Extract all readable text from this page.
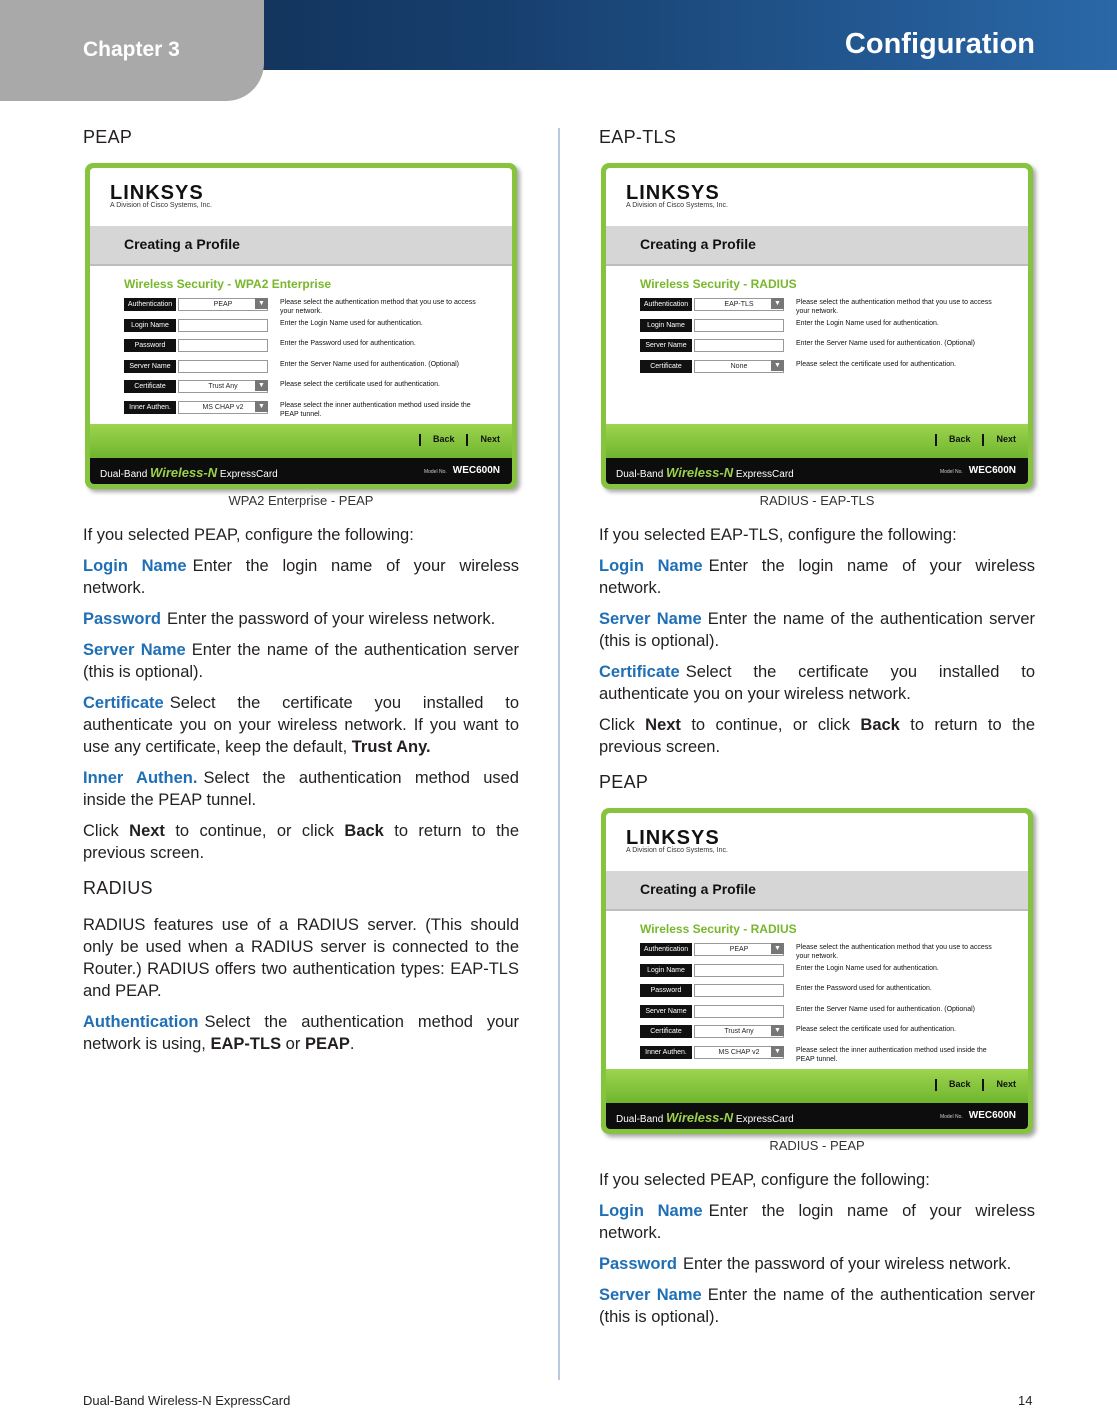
Chapter 3	Configuration
PEAP
LINKSYS
A Division of Cisco Systems, Inc.
Creating a Profile
Wireless Security - WPA2 Enterprise
Authentication	PEAP	▼	Please select the authentication method that you use to access your network.
Login Name	Enter the Login Name used for authentication.
Password	Enter the Password used for authentication.
Server Name	Enter the Server Name used for authentication. (Optional)
Certificate	Trust Any	▼	Please select the certificate used for authentication.
Inner Authen.	MS CHAP v2	▼	Please select the inner authentication method used inside the PEAP tunnel.
Back	Next
Dual-Band Wireless-N ExpressCard	Model No. WEC600N
WPA2 Enterprise - PEAP

If you selected PEAP, configure the following:

Login Name Enter the login name of your wireless network.

Password Enter the password of your wireless network.

Server Name Enter the name of the authentication server (this is optional).

Certificate Select the certificate you installed to authenticate you on your wireless network. If you want to use any certificate, keep the default, Trust Any.

Inner Authen. Select the authentication method used inside the PEAP tunnel.

Click Next to continue, or click Back to return to the previous screen.

RADIUS

RADIUS features use of a RADIUS server. (This should only be used when a RADIUS server is connected to the Router.) RADIUS offers two authentication types: EAP-TLS and PEAP.

Authentication Select the authentication method your network is using, EAP-TLS or PEAP.

EAP-TLS
LINKSYS
A Division of Cisco Systems, Inc.
Creating a Profile
Wireless Security - RADIUS
Authentication	EAP-TLS	▼	Please select the authentication method that you use to access your network.
Login Name	Enter the Login Name used for authentication.
Server Name	Enter the Server Name used for authentication. (Optional)
Certificate	None	▼	Please select the certificate used for authentication.
Back	Next
Dual-Band Wireless-N ExpressCard	Model No. WEC600N
RADIUS - EAP-TLS

If you selected EAP-TLS, configure the following:

Login Name Enter the login name of your wireless network.

Server Name Enter the name of the authentication server (this is optional).

Certificate Select the certificate you installed to authenticate you on your wireless network.

Click Next to continue, or click Back to return to the previous screen.

PEAP
LINKSYS
A Division of Cisco Systems, Inc.
Creating a Profile
Wireless Security - RADIUS
Authentication	PEAP	▼	Please select the authentication method that you use to access your network.
Login Name	Enter the Login Name used for authentication.
Password	Enter the Password used for authentication.
Server Name	Enter the Server Name used for authentication. (Optional)
Certificate	Trust Any	▼	Please select the certificate used for authentication.
Inner Authen.	MS CHAP v2	▼	Please select the inner authentication method used inside the PEAP tunnel.
Back	Next
Dual-Band Wireless-N ExpressCard	Model No. WEC600N
RADIUS - PEAP

If you selected PEAP, configure the following:

Login Name Enter the login name of your wireless network.

Password Enter the password of your wireless network.

Server Name Enter the name of the authentication server (this is optional).

Dual-Band Wireless-N ExpressCard	14
